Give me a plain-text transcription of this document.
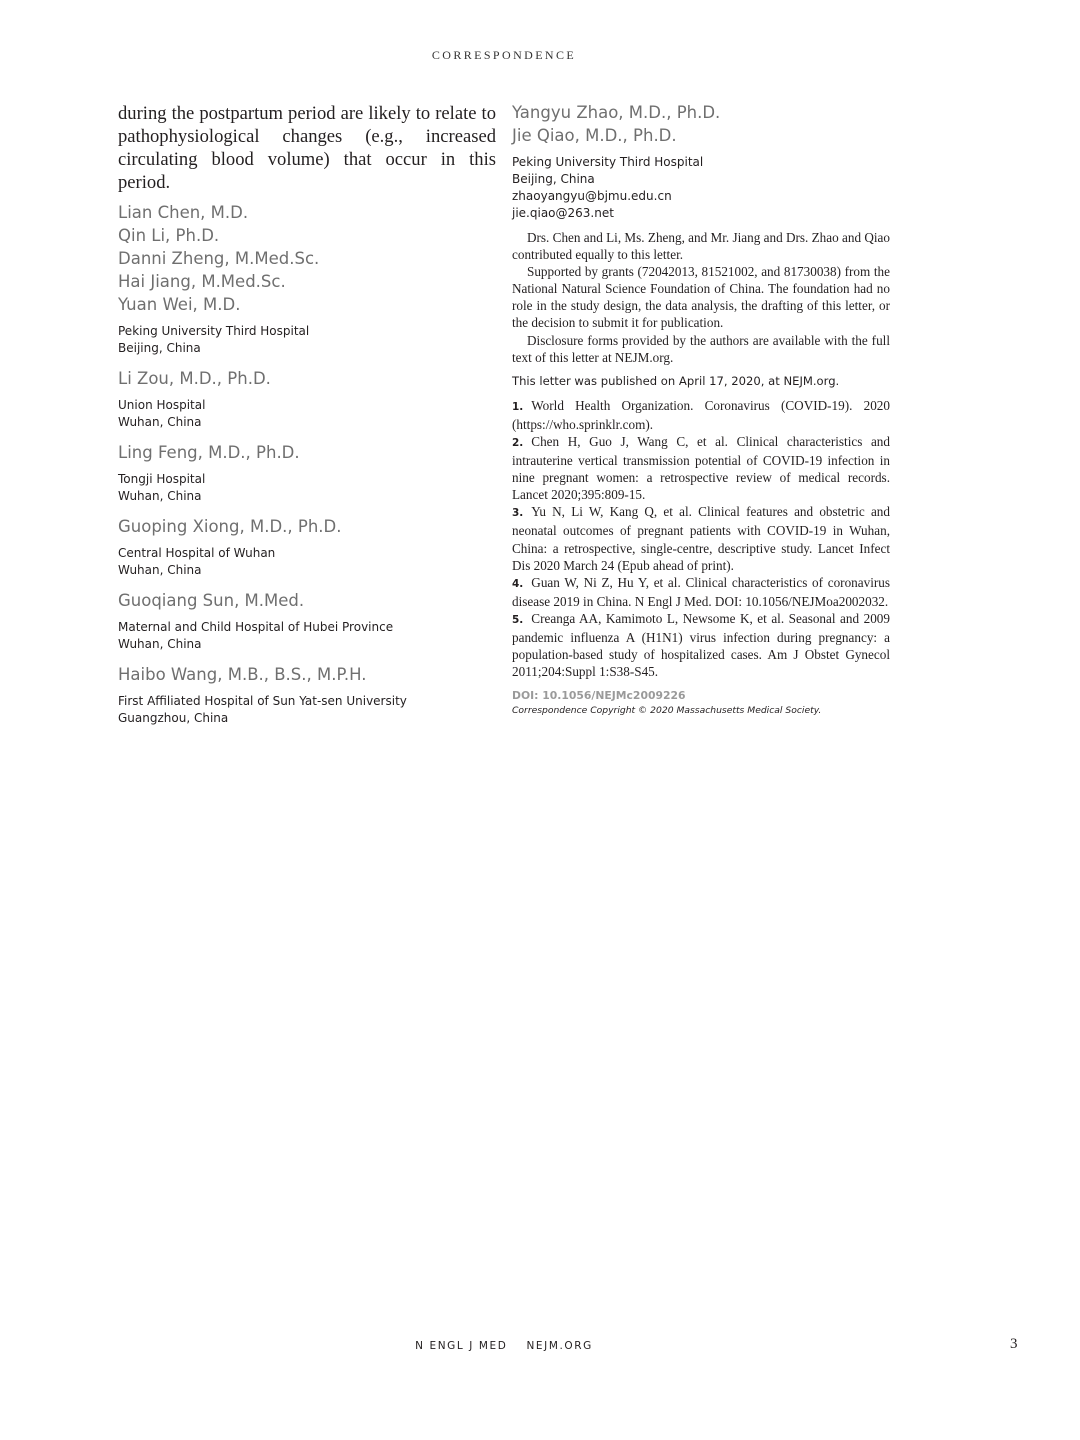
CORRESPONDENCE

during the postpartum period are likely to relate to pathophysiological changes (e.g., increased circulating blood volume) that occur in this period.

Lian Chen, M.D.

Qin Li, Ph.D.

Danni Zheng, M.Med.Sc.

Hai Jiang, M.Med.Sc.

Yuan Wei, M.D.

Peking University Third Hospital

Beijing, China

Li Zou, M.D., Ph.D.

Union Hospital

Wuhan, China

Ling Feng, M.D., Ph.D.

Tongji Hospital

Wuhan, China

Guoping Xiong, M.D., Ph.D.

Central Hospital of Wuhan

Wuhan, China

Guoqiang Sun, M.Med.

Maternal and Child Hospital of Hubei Province

Wuhan, China

Haibo Wang, M.B., B.S., M.P.H.

First Affiliated Hospital of Sun Yat-sen University

Guangzhou, China

Yangyu Zhao, M.D., Ph.D.

Jie Qiao, M.D., Ph.D.

Peking University Third Hospital

Beijing, China

zhaoyangyu@bjmu.edu.cn

jie.qiao@263.net

Drs. Chen and Li, Ms. Zheng, and Mr. Jiang and Drs. Zhao and Qiao contributed equally to this letter.

Supported by grants (72042013, 81521002, and 81730038) from the National Natural Science Foundation of China. The foundation had no role in the study design, the data analysis, the drafting of this letter, or the decision to submit it for publication.

Disclosure forms provided by the authors are available with the full text of this letter at NEJM.org.

This letter was published on April 17, 2020, at NEJM.org.

1. World Health Organization. Coronavirus (COVID-19). 2020 (https://who.sprinklr.com).

2. Chen H, Guo J, Wang C, et al. Clinical characteristics and intrauterine vertical transmission potential of COVID-19 infection in nine pregnant women: a retrospective review of medical records. Lancet 2020;395:809-15.

3. Yu N, Li W, Kang Q, et al. Clinical features and obstetric and neonatal outcomes of pregnant patients with COVID-19 in Wuhan, China: a retrospective, single-centre, descriptive study. Lancet Infect Dis 2020 March 24 (Epub ahead of print).

4. Guan W, Ni Z, Hu Y, et al. Clinical characteristics of coronavirus disease 2019 in China. N Engl J Med. DOI: 10.1056/NEJMoa2002032.

5. Creanga AA, Kamimoto L, Newsome K, et al. Seasonal and 2009 pandemic influenza A (H1N1) virus infection during pregnancy: a population-based study of hospitalized cases. Am J Obstet Gynecol 2011;204:Suppl 1:S38-S45.

DOI: 10.1056/NEJMc2009226

Correspondence Copyright © 2020 Massachusetts Medical Society.

N ENGL J MED NEJM.ORG	3
